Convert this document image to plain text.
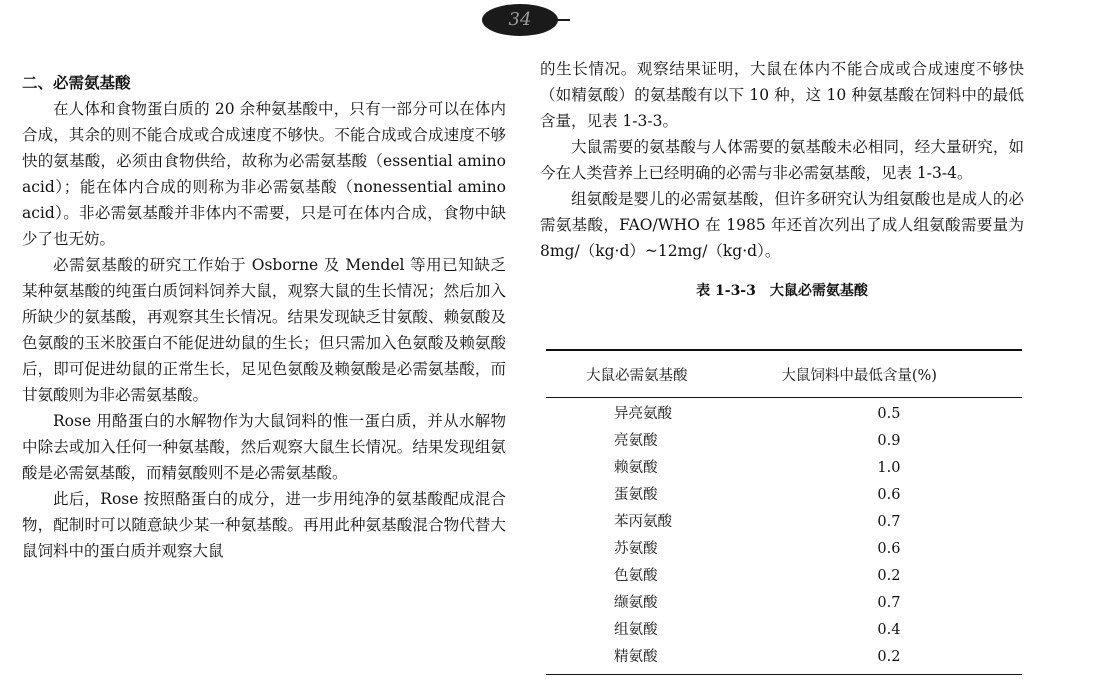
34

二、必需氨基酸

在人体和食物蛋白质的 20 余种氨基酸中，只有一部分可以在体内合成，其余的则不能合成或合成速度不够快。不能合成或合成速度不够快的氨基酸，必须由食物供给，故称为必需氨基酸（essential amino acid）；能在体内合成的则称为非必需氨基酸（nonessential amino acid）。非必需氨基酸并非体内不需要，只是可在体内合成，食物中缺少了也无妨。

必需氨基酸的研究工作始于 Osborne 及 Mendel 等用已知缺乏某种氨基酸的纯蛋白质饲料饲养大鼠，观察大鼠的生长情况；然后加入所缺少的氨基酸，再观察其生长情况。结果发现缺乏甘氨酸、赖氨酸及色氨酸的玉米胶蛋白不能促进幼鼠的生长；但只需加入色氨酸及赖氨酸后，即可促进幼鼠的正常生长，足见色氨酸及赖氨酸是必需氨基酸，而甘氨酸则为非必需氨基酸。

Rose 用酪蛋白的水解物作为大鼠饲料的惟一蛋白质，并从水解物中除去或加入任何一种氨基酸，然后观察大鼠生长情况。结果发现组氨酸是必需氨基酸，而精氨酸则不是必需氨基酸。

此后，Rose 按照酪蛋白的成分，进一步用纯净的氨基酸配成混合物，配制时可以随意缺少某一种氨基酸。再用此种氨基酸混合物代替大鼠饲料中的蛋白质并观察大鼠

的生长情况。观察结果证明，大鼠在体内不能合成或合成速度不够快（如精氨酸）的氨基酸有以下 10 种，这 10 种氨基酸在饲料中的最低含量，见表 1-3-3。

大鼠需要的氨基酸与人体需要的氨基酸未必相同，经大量研究，如今在人类营养上已经明确的必需与非必需氨基酸，见表 1-3-4。

组氨酸是婴儿的必需氨基酸，但许多研究认为组氨酸也是成人的必需氨基酸，FAO/WHO 在 1985 年还首次列出了成人组氨酸需要量为 8mg/（kg·d）~12mg/（kg·d）。

表 1-3-3　大鼠必需氨基酸
大鼠必需氨基酸	大鼠饲料中最低含量(%)
异亮氨酸	0.5
亮氨酸	0.9
赖氨酸	1.0
蛋氨酸	0.6
苯丙氨酸	0.7
苏氨酸	0.6
色氨酸	0.2
缬氨酸	0.7
组氨酸	0.4
精氨酸	0.2
